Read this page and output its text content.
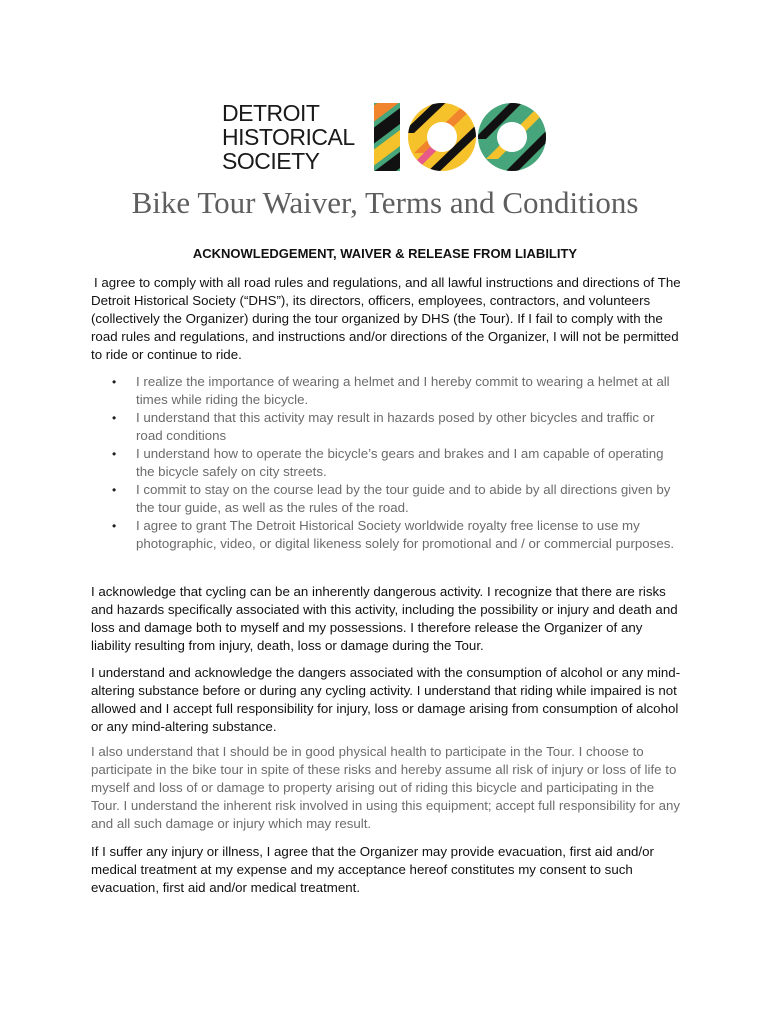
DETROIT
HISTORICAL
SOCIETY
Bike Tour Waiver, Terms and Conditions
ACKNOWLEDGEMENT, WAIVER & RELEASE FROM LIABILITY

I agree to comply with all road rules and regulations, and all lawful instructions and directions of The Detroit Historical Society (“DHS”), its directors, officers, employees, contractors, and volunteers (collectively the Organizer) during the tour organized by DHS (the Tour). If I fail to comply with the road rules and regulations, and instructions and/or directions of the Organizer, I will not be permitted to ride or continue to ride.

• I realize the importance of wearing a helmet and I hereby commit to wearing a helmet at all times while riding the bicycle.
• I understand that this activity may result in hazards posed by other bicycles and traffic or road conditions
• I understand how to operate the bicycle’s gears and brakes and I am capable of operating the bicycle safely on city streets.
• I commit to stay on the course lead by the tour guide and to abide by all directions given by the tour guide, as well as the rules of the road.
• I agree to grant The Detroit Historical Society worldwide royalty free license to use my photographic, video, or digital likeness solely for promotional and / or commercial purposes.

I acknowledge that cycling can be an inherently dangerous activity. I recognize that there are risks and hazards specifically associated with this activity, including the possibility or injury and death and loss and damage both to myself and my possessions. I therefore release the Organizer of any liability resulting from injury, death, loss or damage during the Tour.

I understand and acknowledge the dangers associated with the consumption of alcohol or any mind-altering substance before or during any cycling activity. I understand that riding while impaired is not allowed and I accept full responsibility for injury, loss or damage arising from consumption of alcohol or any mind-altering substance.

I also understand that I should be in good physical health to participate in the Tour. I choose to participate in the bike tour in spite of these risks and hereby assume all risk of injury or loss of life to myself and loss of or damage to property arising out of riding this bicycle and participating in the Tour. I understand the inherent risk involved in using this equipment; accept full responsibility for any and all such damage or injury which may result.

If I suffer any injury or illness, I agree that the Organizer may provide evacuation, first aid and/or medical treatment at my expense and my acceptance hereof constitutes my consent to such evacuation, first aid and/or medical treatment.
